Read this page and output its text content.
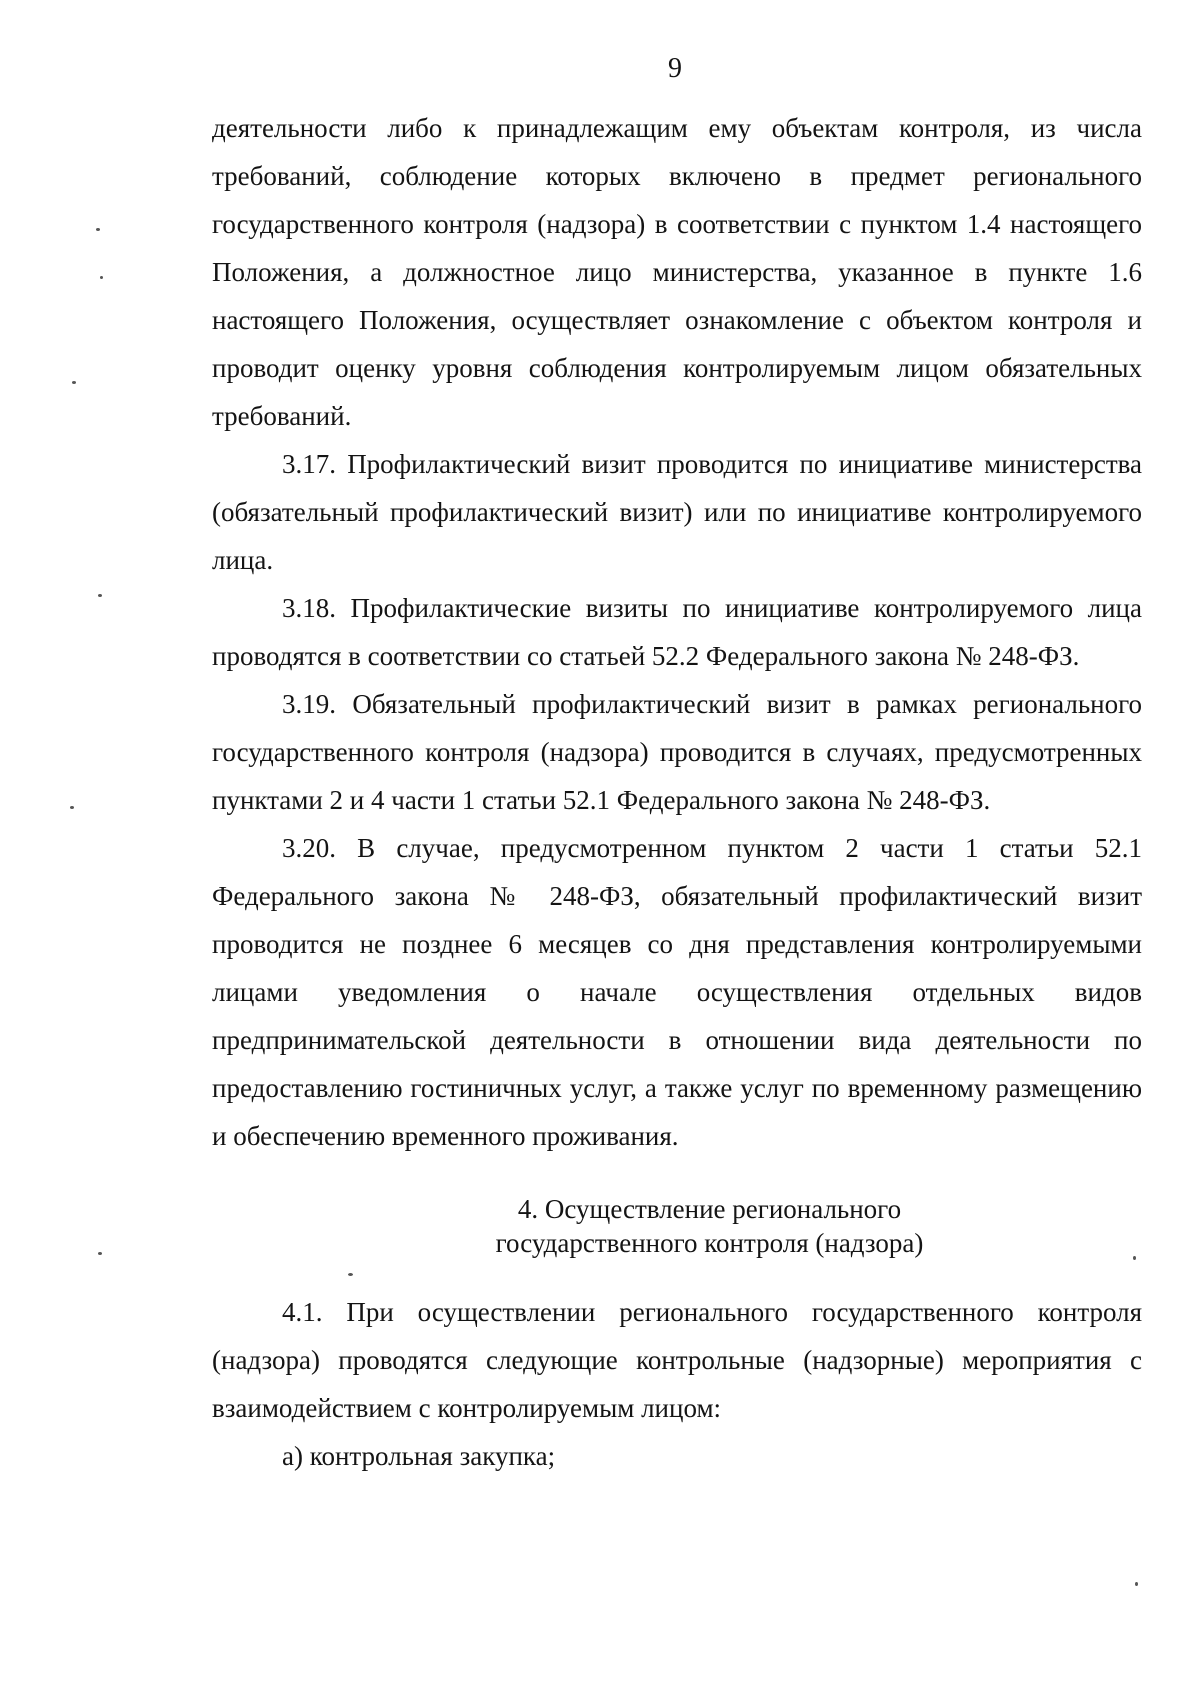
9

деятельности либо к принадлежащим ему объектам контроля, из числа требований, соблюдение которых включено в предмет регионального государственного контроля (надзора) в соответствии с пунктом 1.4 настоящего Положения, а должностное лицо министерства, указанное в пункте 1.6 настоящего Положения, осуществляет ознакомление с объектом контроля и проводит оценку уровня соблюдения контролируемым лицом обязательных требований.

3.17. Профилактический визит проводится по инициативе министерства (обязательный профилактический визит) или по инициативе контролируемого лица.

3.18. Профилактические визиты по инициативе контролируемого лица проводятся в соответствии со статьей 52.2 Федерального закона № 248-ФЗ.

3.19. Обязательный профилактический визит в рамках регионального государственного контроля (надзора) проводится в случаях, предусмотренных пунктами 2 и 4 части 1 статьи 52.1 Федерального закона № 248-ФЗ.

3.20. В случае, предусмотренном пунктом 2 части 1 статьи 52.1 Федерального закона № 248-ФЗ, обязательный профилактический визит проводится не позднее 6 месяцев со дня представления контролируемыми лицами уведомления о начале осуществления отдельных видов предпринимательской деятельности в отношении вида деятельности по предоставлению гостиничных услуг, а также услуг по временному размещению и обеспечению временного проживания.

4. Осуществление регионального
государственного контроля (надзора)

4.1. При осуществлении регионального государственного контроля (надзора) проводятся следующие контрольные (надзорные) мероприятия с взаимодействием с контролируемым лицом:

а) контрольная закупка;
